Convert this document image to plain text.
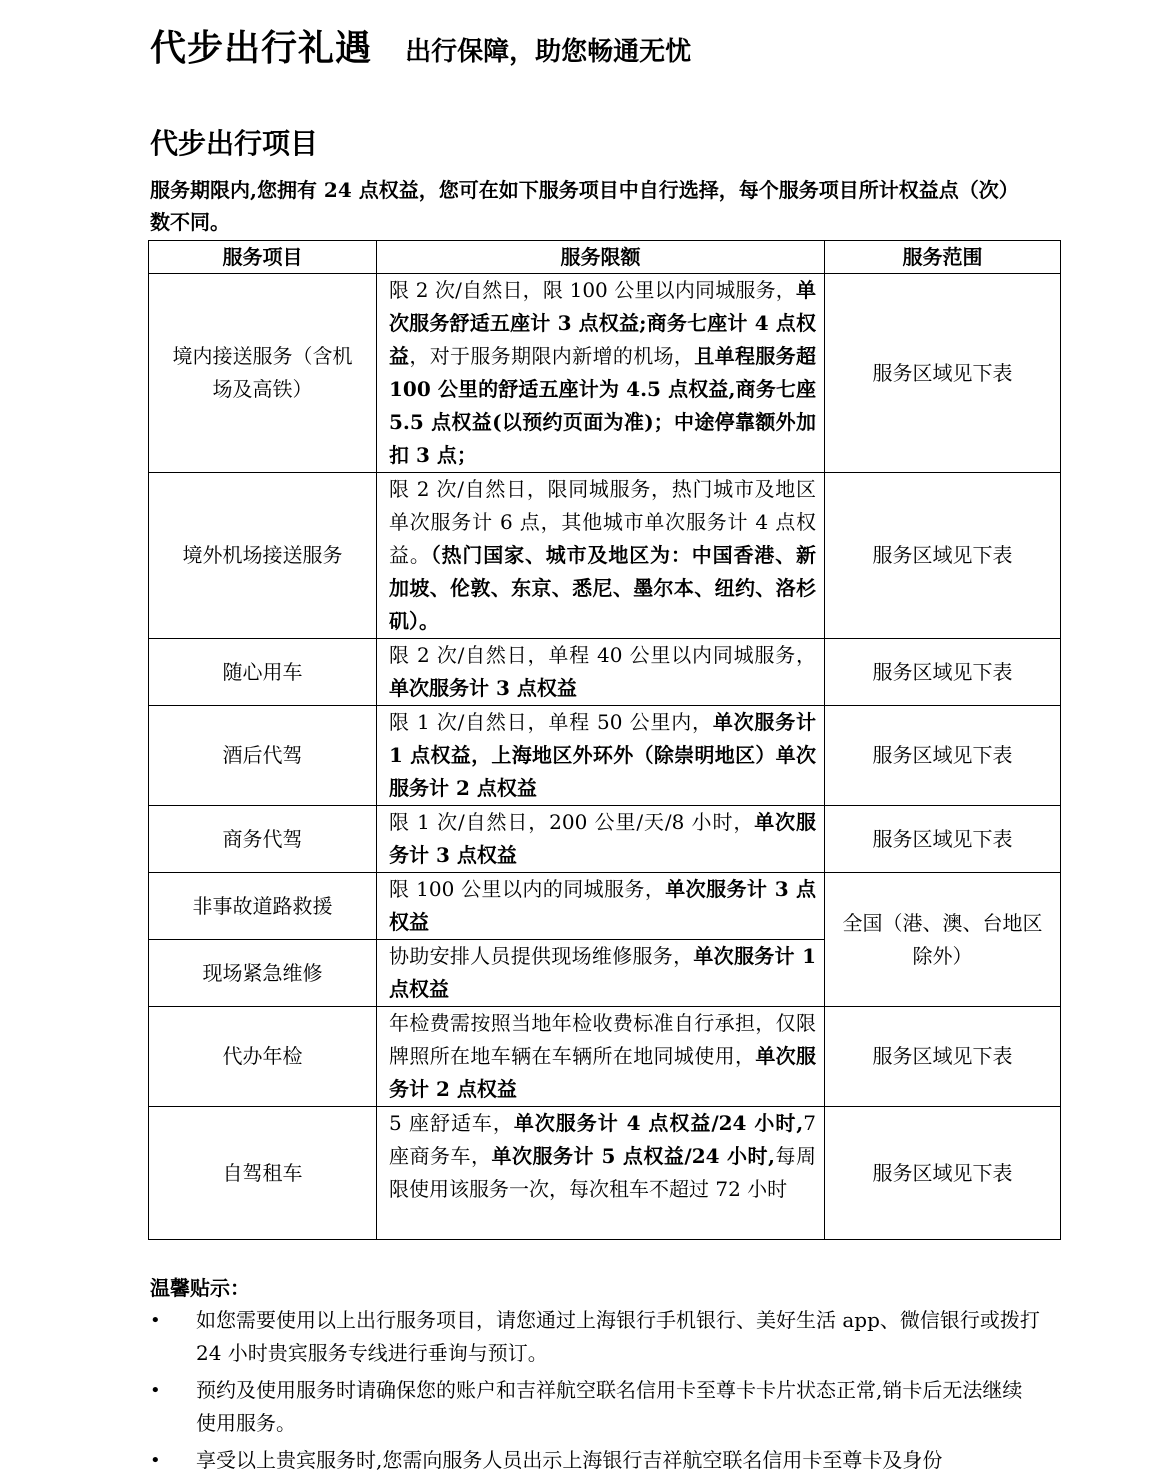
代步出行礼遇 出行保障，助您畅通无忧
代步出行项目
服务期限内,您拥有 24 点权益，您可在如下服务项目中自行选择，每个服务项目所计权益点（次）数不同。
服务项目	服务限额	服务范围
境内接送服务（含机场及高铁）	限 2 次/自然日，限 100 公里以内同城服务，单次服务舒适五座计 3 点权益;商务七座计 4 点权益，对于服务期限内新增的机场，且单程服务超 100 公里的舒适五座计为 4.5 点权益,商务七座 5.5 点权益(以预约页面为准)；中途停靠额外加扣 3 点；	服务区域见下表
境外机场接送服务	限 2 次/自然日，限同城服务，热门城市及地区单次服务计 6 点，其他城市单次服务计 4 点权益。（热门国家、城市及地区为：中国香港、新加坡、伦敦、东京、悉尼、墨尔本、纽约、洛杉矶）。	服务区域见下表
随心用车	限 2 次/自然日，单程 40 公里以内同城服务，单次服务计 3 点权益	服务区域见下表
酒后代驾	限 1 次/自然日，单程 50 公里内，单次服务计 1 点权益，上海地区外环外（除崇明地区）单次服务计 2 点权益	服务区域见下表
商务代驾	限 1 次/自然日，200 公里/天/8 小时，单次服务计 3 点权益	服务区域见下表
非事故道路救援	限 100 公里以内的同城服务，单次服务计 3 点权益	全国（港、澳、台地区除外）
现场紧急维修	协助安排人员提供现场维修服务，单次服务计 1 点权益	
代办年检	年检费需按照当地年检收费标准自行承担，仅限牌照所在地车辆在车辆所在地同城使用，单次服务计 2 点权益	服务区域见下表
自驾租车	5 座舒适车，单次服务计 4 点权益/24 小时,7 座商务车，单次服务计 5 点权益/24 小时,每周限使用该服务一次，每次租车不超过 72 小时	服务区域见下表
温馨贴示：
•	如您需要使用以上出行服务项目，请您通过上海银行手机银行、美好生活 app、微信银行或拨打 24 小时贵宾服务专线进行垂询与预订。
•	预约及使用服务时请确保您的账户和吉祥航空联名信用卡至尊卡卡片状态正常,销卡后无法继续使用服务。
•	享受以上贵宾服务时,您需向服务人员出示上海银行吉祥航空联名信用卡至尊卡及身份
